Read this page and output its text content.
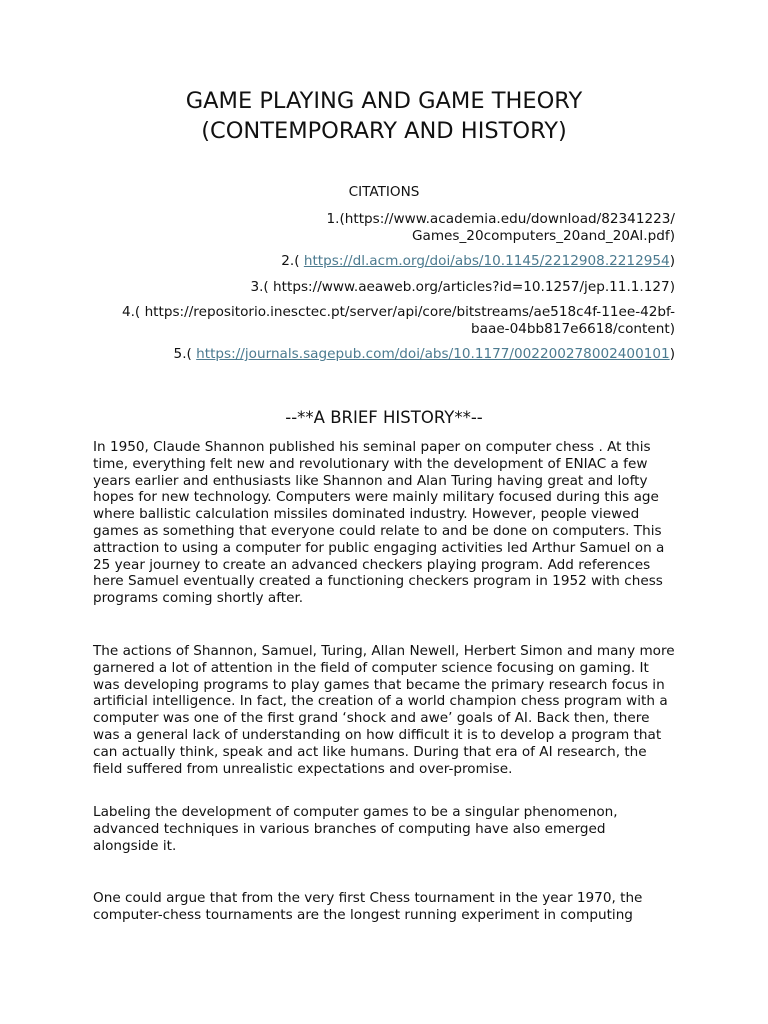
GAME PLAYING AND GAME THEORY
(CONTEMPORARY AND HISTORY)

CITATIONS

1.(https://www.academia.edu/download/82341223/
Games_20computers_20and_20AI.pdf)
2.( https://dl.acm.org/doi/abs/10.1145/2212908.2212954)
3.( https://www.aeaweb.org/articles?id=10.1257/jep.11.1.127)
4.( https://repositorio.inesctec.pt/server/api/core/bitstreams/ae518c4f-11ee-42bf-
baae-04bb817e6618/content)
5.( https://journals.sagepub.com/doi/abs/10.1177/002200278002400101)
--**A BRIEF HISTORY**--

In 1950, Claude Shannon published his seminal paper on computer chess . At this time, everything felt new and revolutionary with the development of ENIAC a few years earlier and enthusiasts like Shannon and Alan Turing having great and lofty hopes for new technology. Computers were mainly military focused during this age where ballistic calculation missiles dominated industry. However, people viewed games as something that everyone could relate to and be done on computers. This attraction to using a computer for public engaging activities led Arthur Samuel on a 25 year journey to create an advanced checkers playing program. Add references here Samuel eventually created a functioning checkers program in 1952 with chess programs coming shortly after.

The actions of Shannon, Samuel, Turing, Allan Newell, Herbert Simon and many more garnered a lot of attention in the field of computer science focusing on gaming. It was developing programs to play games that became the primary research focus in artificial intelligence. In fact, the creation of a world champion chess program with a computer was one of the first grand ‘shock and awe’ goals of AI. Back then, there was a general lack of understanding on how difficult it is to develop a program that can actually think, speak and act like humans. During that era of AI research, the field suffered from unrealistic expectations and over-promise.

Labeling the development of computer games to be a singular phenomenon, advanced techniques in various branches of computing have also emerged alongside it.

One could argue that from the very first Chess tournament in the year 1970, the computer-chess tournaments are the longest running experiment in computing
